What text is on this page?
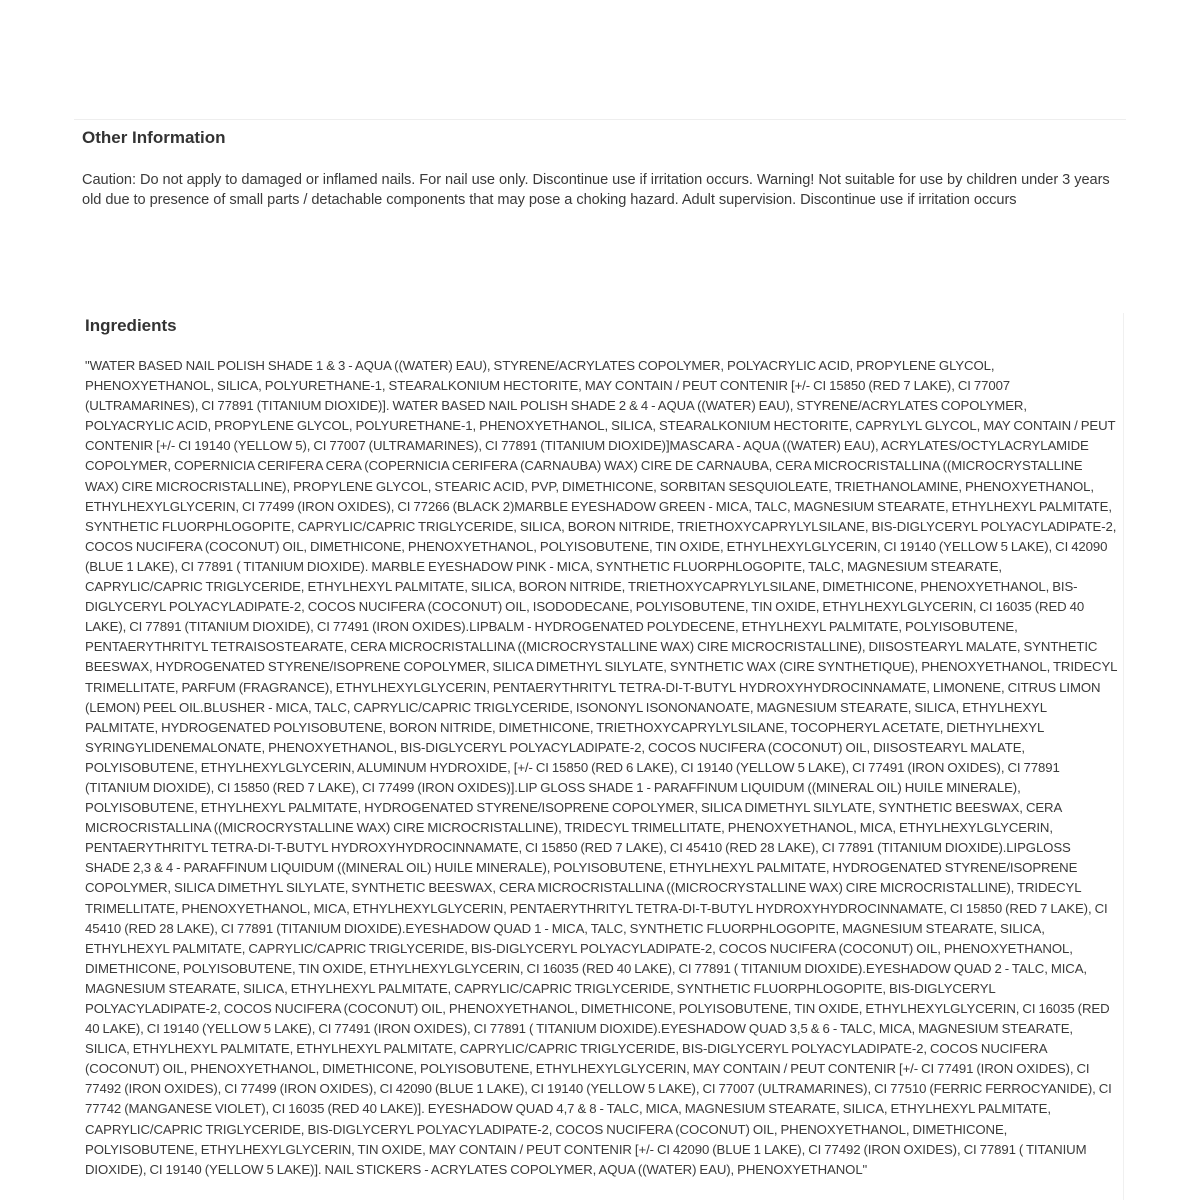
Other Information

Caution: Do not apply to damaged or inflamed nails. For nail use only. Discontinue use if irritation occurs. Warning! Not suitable for use by children under 3 years old due to presence of small parts / detachable components that may pose a choking hazard. Adult supervision. Discontinue use if irritation occurs

Ingredients

"WATER BASED NAIL POLISH SHADE 1 & 3 - AQUA ((WATER) EAU), STYRENE/ACRYLATES COPOLYMER, POLYACRYLIC ACID, PROPYLENE GLYCOL, PHENOXYETHANOL, SILICA, POLYURETHANE-1, STEARALKONIUM HECTORITE, MAY CONTAIN / PEUT CONTENIR [+/- CI 15850 (RED 7 LAKE), CI 77007 (ULTRAMARINES), CI 77891 (TITANIUM DIOXIDE)]. WATER BASED NAIL POLISH SHADE 2 & 4 - AQUA ((WATER) EAU), STYRENE/ACRYLATES COPOLYMER, POLYACRYLIC ACID, PROPYLENE GLYCOL, POLYURETHANE-1, PHENOXYETHANOL, SILICA, STEARALKONIUM HECTORITE, CAPRYLYL GLYCOL, MAY CONTAIN / PEUT CONTENIR [+/- CI 19140 (YELLOW 5), CI 77007 (ULTRAMARINES), CI 77891 (TITANIUM DIOXIDE)]MASCARA - AQUA ((WATER) EAU), ACRYLATES/OCTYLACRYLAMIDE COPOLYMER, COPERNICIA CERIFERA CERA (COPERNICIA CERIFERA (CARNAUBA) WAX) CIRE DE CARNAUBA, CERA MICROCRISTALLINA ((MICROCRYSTALLINE WAX) CIRE MICROCRISTALLINE), PROPYLENE GLYCOL, STEARIC ACID, PVP, DIMETHICONE, SORBITAN SESQUIOLEATE, TRIETHANOLAMINE, PHENOXYETHANOL, ETHYLHEXYLGLYCERIN, CI 77499 (IRON OXIDES), CI 77266 (BLACK 2)MARBLE EYESHADOW GREEN - MICA, TALC, MAGNESIUM STEARATE, ETHYLHEXYL PALMITATE, SYNTHETIC FLUORPHLOGOPITE, CAPRYLIC/CAPRIC TRIGLYCERIDE, SILICA, BORON NITRIDE, TRIETHOXYCAPRYLYLSILANE, BIS-DIGLYCERYL POLYACYLADIPATE-2, COCOS NUCIFERA (COCONUT) OIL, DIMETHICONE, PHENOXYETHANOL, POLYISOBUTENE, TIN OXIDE, ETHYLHEXYLGLYCERIN, CI 19140 (YELLOW 5 LAKE), CI 42090 (BLUE 1 LAKE), CI 77891 ( TITANIUM DIOXIDE). MARBLE EYESHADOW PINK - MICA, SYNTHETIC FLUORPHLOGOPITE, TALC, MAGNESIUM STEARATE, CAPRYLIC/CAPRIC TRIGLYCERIDE, ETHYLHEXYL PALMITATE, SILICA, BORON NITRIDE, TRIETHOXYCAPRYLYLSILANE, DIMETHICONE, PHENOXYETHANOL, BIS-DIGLYCERYL POLYACYLADIPATE-2, COCOS NUCIFERA (COCONUT) OIL, ISODODECANE, POLYISOBUTENE, TIN OXIDE, ETHYLHEXYLGLYCERIN, CI 16035 (RED 40 LAKE), CI 77891 (TITANIUM DIOXIDE), CI 77491 (IRON OXIDES).LIPBALM - HYDROGENATED POLYDECENE, ETHYLHEXYL PALMITATE, POLYISOBUTENE, PENTAERYTHRITYL TETRAISOSTEARATE, CERA MICROCRISTALLINA ((MICROCRYSTALLINE WAX) CIRE MICROCRISTALLINE), DIISOSTEARYL MALATE, SYNTHETIC BEESWAX, HYDROGENATED STYRENE/ISOPRENE COPOLYMER, SILICA DIMETHYL SILYLATE, SYNTHETIC WAX (CIRE SYNTHETIQUE), PHENOXYETHANOL, TRIDECYL TRIMELLITATE, PARFUM (FRAGRANCE), ETHYLHEXYLGLYCERIN, PENTAERYTHRITYL TETRA-DI-T-BUTYL HYDROXYHYDROCINNAMATE, LIMONENE, CITRUS LIMON (LEMON) PEEL OIL.BLUSHER - MICA, TALC, CAPRYLIC/CAPRIC TRIGLYCERIDE, ISONONYL ISONONANOATE, MAGNESIUM STEARATE, SILICA, ETHYLHEXYL PALMITATE, HYDROGENATED POLYISOBUTENE, BORON NITRIDE, DIMETHICONE, TRIETHOXYCAPRYLYLSILANE, TOCOPHERYL ACETATE, DIETHYLHEXYL SYRINGYLIDENEMALONATE, PHENOXYETHANOL, BIS-DIGLYCERYL POLYACYLADIPATE-2, COCOS NUCIFERA (COCONUT) OIL, DIISOSTEARYL MALATE, POLYISOBUTENE, ETHYLHEXYLGLYCERIN, ALUMINUM HYDROXIDE, [+/- CI 15850 (RED 6 LAKE), CI 19140 (YELLOW 5 LAKE), CI 77491 (IRON OXIDES), CI 77891 (TITANIUM DIOXIDE), CI 15850 (RED 7 LAKE), CI 77499 (IRON OXIDES)].LIP GLOSS SHADE 1 - PARAFFINUM LIQUIDUM ((MINERAL OIL) HUILE MINERALE), POLYISOBUTENE, ETHYLHEXYL PALMITATE, HYDROGENATED STYRENE/ISOPRENE COPOLYMER, SILICA DIMETHYL SILYLATE, SYNTHETIC BEESWAX, CERA MICROCRISTALLINA ((MICROCRYSTALLINE WAX) CIRE MICROCRISTALLINE), TRIDECYL TRIMELLITATE, PHENOXYETHANOL, MICA, ETHYLHEXYLGLYCERIN, PENTAERYTHRITYL TETRA-DI-T-BUTYL HYDROXYHYDROCINNAMATE, CI 15850 (RED 7 LAKE), CI 45410 (RED 28 LAKE), CI 77891 (TITANIUM DIOXIDE).LIPGLOSS SHADE 2,3 & 4 - PARAFFINUM LIQUIDUM ((MINERAL OIL) HUILE MINERALE), POLYISOBUTENE, ETHYLHEXYL PALMITATE, HYDROGENATED STYRENE/ISOPRENE COPOLYMER, SILICA DIMETHYL SILYLATE, SYNTHETIC BEESWAX, CERA MICROCRISTALLINA ((MICROCRYSTALLINE WAX) CIRE MICROCRISTALLINE), TRIDECYL TRIMELLITATE, PHENOXYETHANOL, MICA, ETHYLHEXYLGLYCERIN, PENTAERYTHRITYL TETRA-DI-T-BUTYL HYDROXYHYDROCINNAMATE, CI 15850 (RED 7 LAKE), CI 45410 (RED 28 LAKE), CI 77891 (TITANIUM DIOXIDE).EYESHADOW QUAD 1 - MICA, TALC, SYNTHETIC FLUORPHLOGOPITE, MAGNESIUM STEARATE, SILICA, ETHYLHEXYL PALMITATE, CAPRYLIC/CAPRIC TRIGLYCERIDE, BIS-DIGLYCERYL POLYACYLADIPATE-2, COCOS NUCIFERA (COCONUT) OIL, PHENOXYETHANOL, DIMETHICONE, POLYISOBUTENE, TIN OXIDE, ETHYLHEXYLGLYCERIN, CI 16035 (RED 40 LAKE), CI 77891 ( TITANIUM DIOXIDE).EYESHADOW QUAD 2 - TALC, MICA, MAGNESIUM STEARATE, SILICA, ETHYLHEXYL PALMITATE, CAPRYLIC/CAPRIC TRIGLYCERIDE, SYNTHETIC FLUORPHLOGOPITE, BIS-DIGLYCERYL POLYACYLADIPATE-2, COCOS NUCIFERA (COCONUT) OIL, PHENOXYETHANOL, DIMETHICONE, POLYISOBUTENE, TIN OXIDE, ETHYLHEXYLGLYCERIN, CI 16035 (RED 40 LAKE), CI 19140 (YELLOW 5 LAKE), CI 77491 (IRON OXIDES), CI 77891 ( TITANIUM DIOXIDE).EYESHADOW QUAD 3,5 & 6 - TALC, MICA, MAGNESIUM STEARATE, SILICA, ETHYLHEXYL PALMITATE, ETHYLHEXYL PALMITATE, CAPRYLIC/CAPRIC TRIGLYCERIDE, BIS-DIGLYCERYL POLYACYLADIPATE-2, COCOS NUCIFERA (COCONUT) OIL, PHENOXYETHANOL, DIMETHICONE, POLYISOBUTENE, ETHYLHEXYLGLYCERIN, MAY CONTAIN / PEUT CONTENIR [+/- CI 77491 (IRON OXIDES), CI 77492 (IRON OXIDES), CI 77499 (IRON OXIDES), CI 42090 (BLUE 1 LAKE), CI 19140 (YELLOW 5 LAKE), CI 77007 (ULTRAMARINES), CI 77510 (FERRIC FERROCYANIDE), CI 77742 (MANGANESE VIOLET), CI 16035 (RED 40 LAKE)]. EYESHADOW QUAD 4,7 & 8 - TALC, MICA, MAGNESIUM STEARATE, SILICA, ETHYLHEXYL PALMITATE, CAPRYLIC/CAPRIC TRIGLYCERIDE, BIS-DIGLYCERYL POLYACYLADIPATE-2, COCOS NUCIFERA (COCONUT) OIL, PHENOXYETHANOL, DIMETHICONE, POLYISOBUTENE, ETHYLHEXYLGLYCERIN, TIN OXIDE, MAY CONTAIN / PEUT CONTENIR [+/- CI 42090 (BLUE 1 LAKE), CI 77492 (IRON OXIDES), CI 77891 ( TITANIUM DIOXIDE), CI 19140 (YELLOW 5 LAKE)]. NAIL STICKERS - ACRYLATES COPOLYMER, AQUA ((WATER) EAU), PHENOXYETHANOL"
